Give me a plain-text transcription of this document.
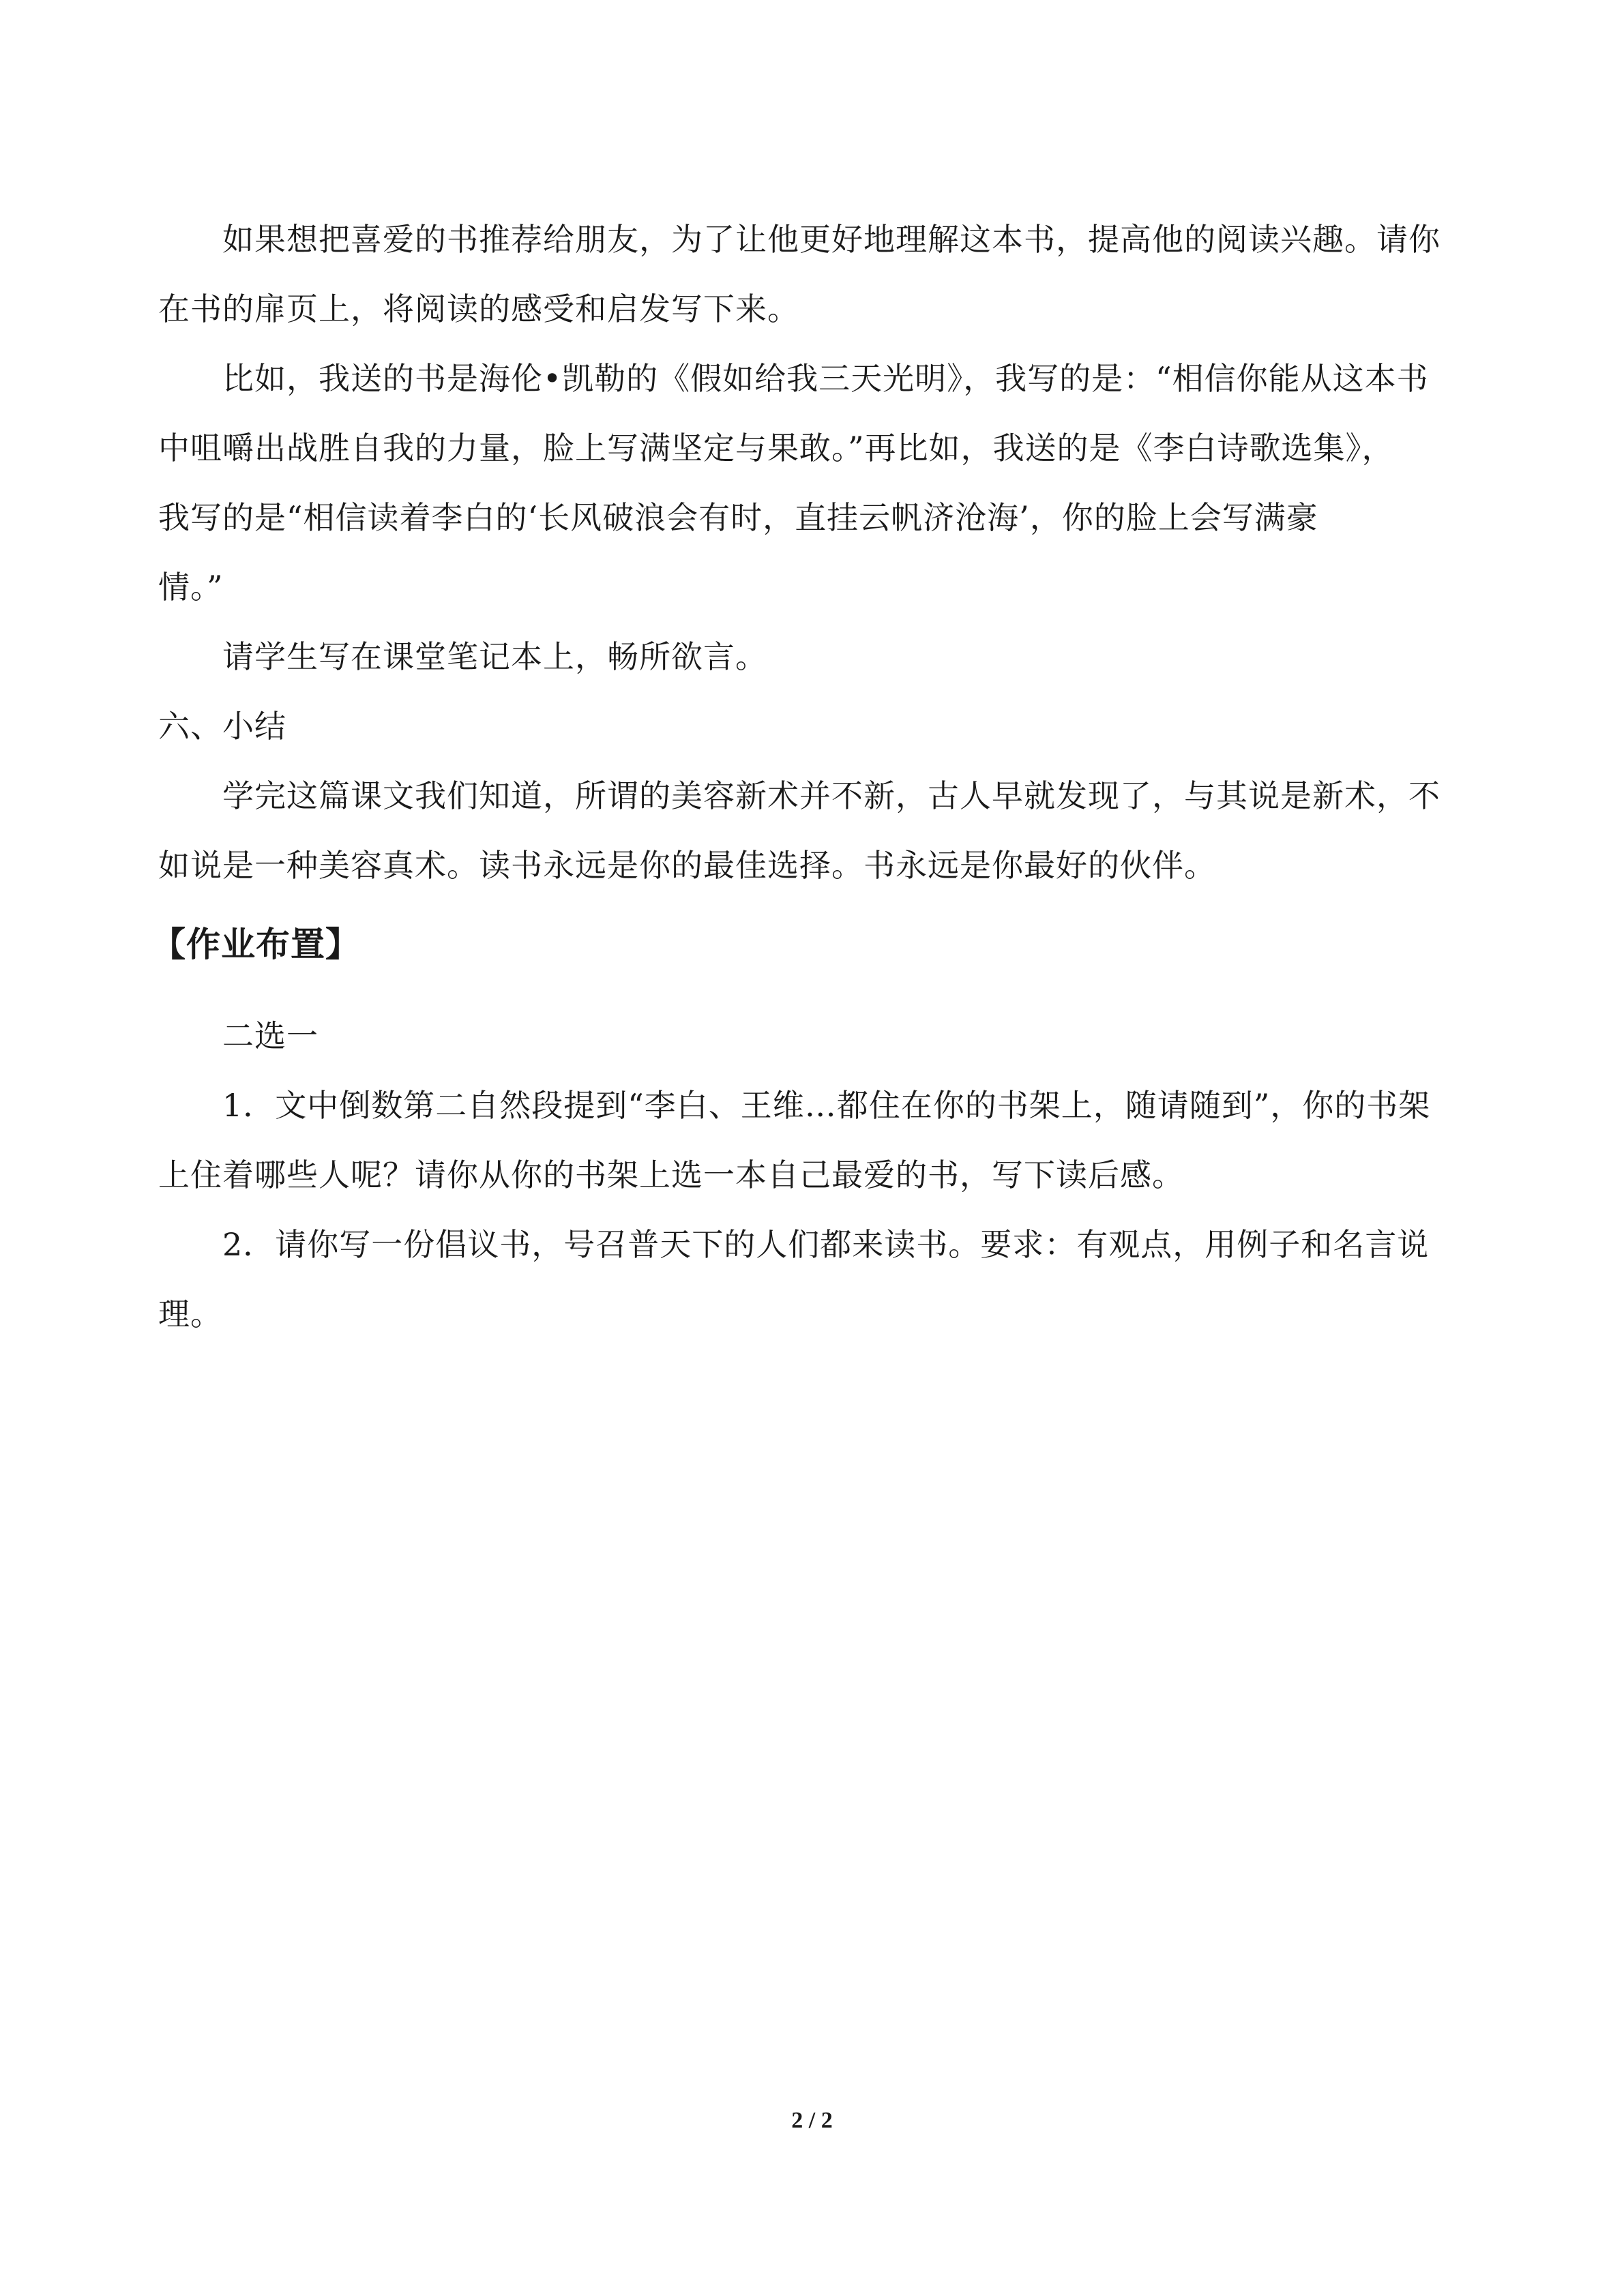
如果想把喜爱的书推荐给朋友，为了让他更好地理解这本书，提高他的阅读兴趣。请你
在书的扉页上，将阅读的感受和启发写下来。
比如，我送的书是海伦•凯勒的《假如给我三天光明》，我写的是：“相信你能从这本书
中咀嚼出战胜自我的力量，脸上写满坚定与果敢。”再比如，我送的是《李白诗歌选集》，
我写的是“相信读着李白的‘长风破浪会有时，直挂云帆济沧海’，你的脸上会写满豪
情。”
请学生写在课堂笔记本上，畅所欲言。
六、小结
学完这篇课文我们知道，所谓的美容新术并不新，古人早就发现了，与其说是新术，不
如说是一种美容真术。读书永远是你的最佳选择。书永远是你最好的伙伴。
【作业布置】
二选一
1．文中倒数第二自然段提到“李白、王维…都住在你的书架上，随请随到”，你的书架
上住着哪些人呢？请你从你的书架上选一本自己最爱的书，写下读后感。
2．请你写一份倡议书，号召普天下的人们都来读书。要求：有观点，用例子和名言说
理。
2 / 2
